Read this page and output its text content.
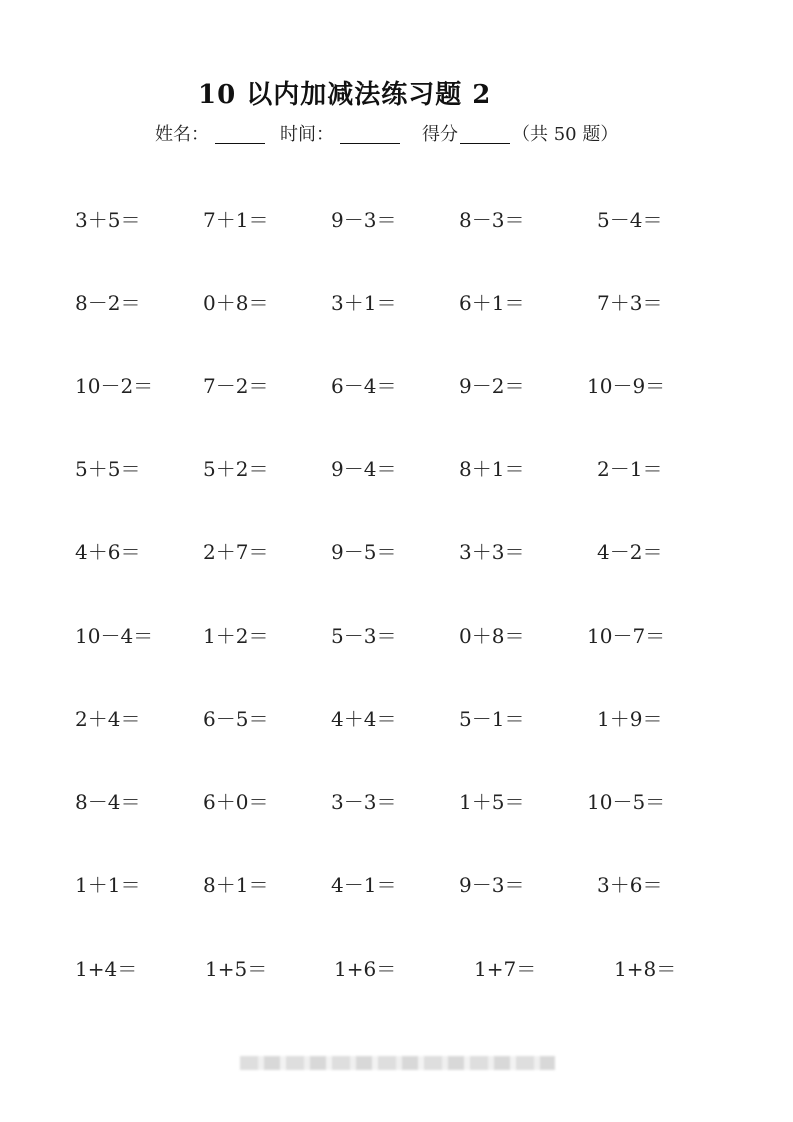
10 以内加减法练习题 2
姓名：	时间：	得分	（共 50 题）
3＋5＝	7＋1＝	9－3＝	8－3＝	5－4＝
8－2＝	0＋8＝	3＋1＝	6＋1＝	7＋3＝
10－2＝ 7－2＝	6－4＝	9－2＝	10－9＝
5＋5＝	5＋2＝	9－4＝	8＋1＝	2－1＝
4＋6＝	2＋7＝	9－5＝	3＋3＝	4－2＝
10－4＝ 1＋2＝	5－3＝	0＋8＝	10－7＝
2＋4＝	6－5＝	4＋4＝	5－1＝	1＋9＝
8－4＝	6＋0＝	3－3＝	1＋5＝	10－5＝
1＋1＝	8＋1＝	4－1＝	9－3＝	3＋6＝
1+4＝	1+5＝	1+6＝	1+7＝	1+8＝
